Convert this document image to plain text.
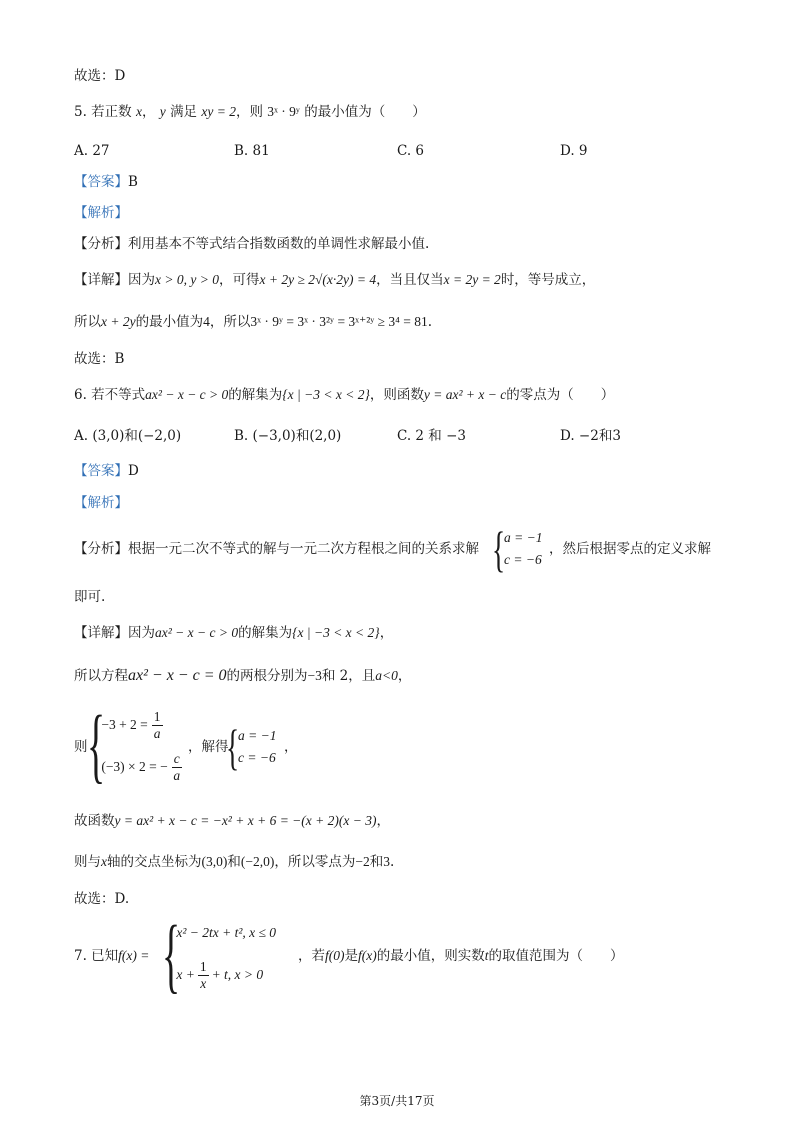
故选：D
5. 若正数 x， y 满足 xy = 2，则 3ˣ · 9ʸ 的最小值为（　　）
A. 27	B. 81	C. 6	D. 9
【答案】B
【解析】
【分析】利用基本不等式结合指数函数的单调性求解最小值.
【详解】因为x > 0, y > 0，可得x + 2y ≥ 2√(x·2y) = 4，当且仅当x = 2y = 2时，等号成立，
所以x + 2y的最小值为4，所以3ˣ · 9ʸ = 3ˣ · 3²ʸ = 3ˣ⁺²ʸ ≥ 3⁴ = 81.
故选：B
6. 若不等式ax² − x − c > 0的解集为{x | −3 < x < 2}，则函数y = ax² + x − c的零点为（　　）
A. (3,0)和(−2,0)	B. (−3,0)和(2,0)	C. 2 和 −3	D. −2和3
【答案】D
【解析】
【分析】根据一元二次不等式的解与一元二次方程根之间的关系求解 {
a = −1
c = −6
，然后根据零点的定义求解
即可.
【详解】因为ax² − x − c > 0的解集为{x | −3 < x < 2}，
所以方程ax² − x − c = 0的两根分别为−3和 2，且a<0，
则 {
$-3 + 2 = \frac{1}{a}$
(−3) × 2 = − $\frac{c}{a}$
，解得
{
a = −1
c = −6
，
故函数y = ax² + x − c = −x² + x + 6 = −(x + 2)(x − 3)，
则与x轴的交点坐标为(3,0)和(−2,0)，所以零点为−2和3.
故选：D.
7. 已知f(x) = {
x² − 2tx + t², x ≤ 0
$x + \frac{1}{x} + t$, x > 0
，若f(0)是f(x)的最小值，则实数t的取值范围为（　　）
第3页/共17页
